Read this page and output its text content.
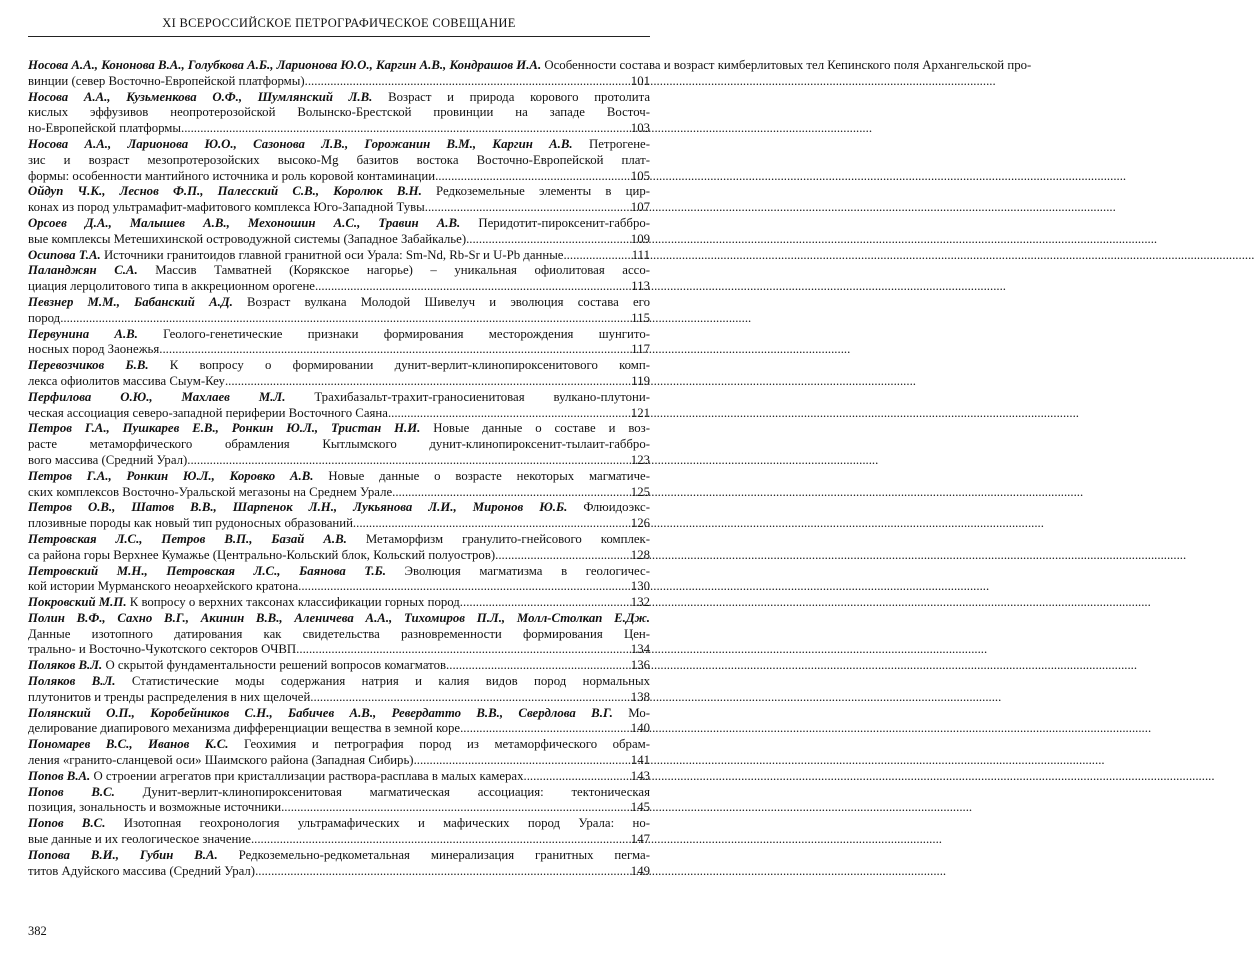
XI ВСЕРОССИЙСКОЕ ПЕТРОГРАФИЧЕСКОЕ СОВЕЩАНИЕ
Носова А.А., Кононова В.А., Голубкова А.Б., Ларионова Ю.О., Каргин А.В., Кондрашов И.А. Особенности состава и возраст кимберлитовых тел Кепинского поля Архангельской про-
винции (север Восточно-Европейской платформы) .....	101
Носова А.А., Кузьменкова О.Ф., Шумлянский Л.В. Возраст и природа корового протолита
кислых эффузивов неопротерозойской Волынско-Брестской провинции на западе Восточ-
но-Европейской платформы .....	103
Носова А.А., Ларионова Ю.О., Сазонова Л.В., Горожанин В.М., Каргин А.В. Петрогене-
зис и возраст мезопротерозойских высоко-Mg базитов востока Восточно-Европейской плат-
формы: особенности мантийного источника и роль коровой контаминации .....	105
Ойдуп Ч.К., Леснов Ф.П., Палесский С.В., Королюк В.Н. Редкоземельные элементы в цир-
конах из пород ультрамафит-мафитового комплекса Юго-Западной Тувы .....	107
Орсоев Д.А., Малышев А.В., Мехоношин А.С., Травин А.В. Перидотит-пироксенит-габбро-
вые комплексы Метешихинской островодужной системы (Западное Забайкалье) .....	109
Осипова Т.А. Источники гранитоидов главной гранитной оси Урала: Sm-Nd, Rb-Sr и U-Pb данные .....	111
Паланджян С.А. Массив Тамватней (Корякское нагорье) – уникальная офиолитовая ассо-
циация лерцолитового типа в аккреционном орогене .....	113
Певзнер М.М., Бабанский А.Д. Возраст вулкана Молодой Шивелуч и эволюция состава его
пород .....	115
Первунина А.В. Геолого-генетические признаки формирования месторождения шунгито-
носных пород Заонежья .....	117
Перевозчиков Б.В. К вопросу о формировании дунит-верлит-клинопироксенитового комп-
лекса офиолитов массива Сыум-Кеу .....	119
Перфилова О.Ю., Махлаев М.Л. Трахибазальт-трахит-граносиенитовая вулкано-плутони-
ческая ассоциация северо-западной периферии Восточного Саяна .....	121
Петров Г.А., Пушкарев Е.В., Ронкин Ю.Л., Тристан Н.И. Новые данные о составе и воз-
расте метаморфического обрамления Кытлымского дунит-клинопироксенит-тылаит-габбро-
вого массива (Средний Урал) .....	123
Петров Г.А., Ронкин Ю.Л., Коровко А.В. Новые данные о возрасте некоторых магматиче-
ских комплексов Восточно-Уральской мегазоны на Среднем Урале .....	125
Петров О.В., Шатов В.В., Шарпенок Л.Н., Лукьянова Л.И., Миронов Ю.Б. Флюидоэкс-
плозивные породы как новый тип рудоносных образований .....	126
Петровская Л.С., Петров В.П., Базай А.В. Метаморфизм гранулито-гнейсового комплек-
са района горы Верхнее Кумажье (Центрально-Кольский блок, Кольский полуостров) .....	128
Петровский М.Н., Петровская Л.С., Баянова Т.Б. Эволюция магматизма в геологичес-
кой истории Мурманского неоархейского кратона .....	130
Покровский М.П. К вопросу о верхних таксонах классификации горных пород .....	132
Полин В.Ф., Сахно В.Г., Акинин В.В., Аленичева А.А., Тихомиров П.Л., Молл-Столкап Е.Дж.
Данные изотопного датирования как свидетельства разновременности формирования Цен-
трально- и Восточно-Чукотского секторов ОЧВП .....	134
Поляков В.Л. О скрытой фундаментальности решений вопросов комагматов .....	136
Поляков В.Л. Статистические моды содержания натрия и калия видов пород нормальных
плутонитов и тренды распределения в них щелочей .....	138
Полянский О.П., Коробейников С.Н., Бабичев А.В., Ревердатто В.В., Свердлова В.Г. Мо-
делирование диапирового механизма дифференциации вещества в земной коре .....	140
Пономарев В.С., Иванов К.С. Геохимия и петрография пород из метаморфического обрам-
ления «гранито-сланцевой оси» Шаимского района (Западная Сибирь) .....	141
Попов В.А. О строении агрегатов при кристаллизации раствора-расплава в малых камерах .....	143
Попов В.С. Дунит-верлит-клинопироксенитовая магматическая ассоциация: тектоническая
позиция, зональность и возможные источники .....	145
Попов В.С. Изотопная геохронология ультрамафических и мафических пород Урала: но-
вые данные и их геологическое значение .....	147
Попова В.И., Губин В.А. Редкоземельно-редкометальная минерализация гранитных пегма-
титов Адуйского массива (Средний Урал) .....	149
382
